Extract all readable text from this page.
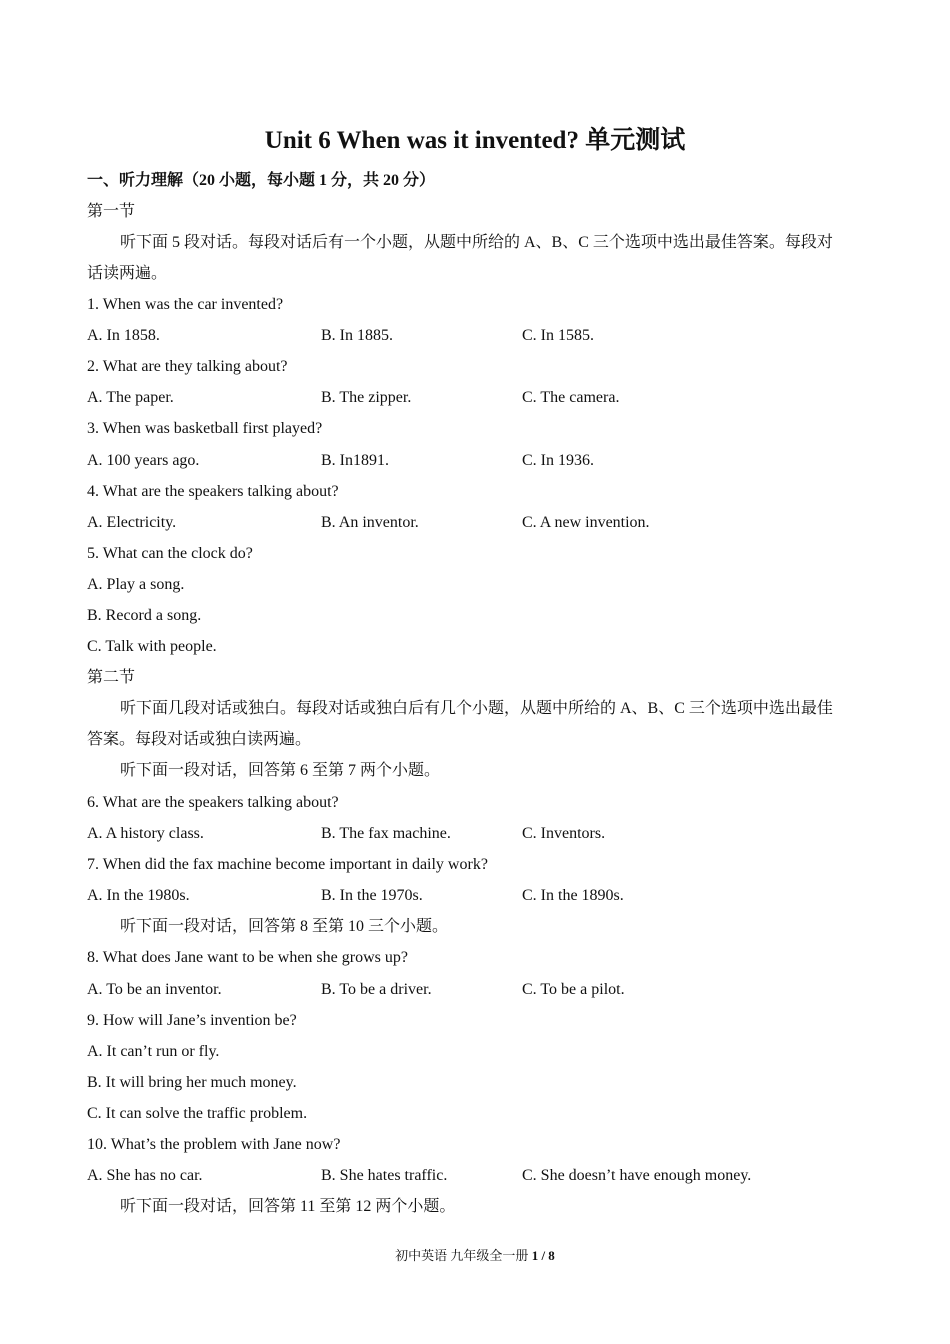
Unit 6 When was it invented? 单元测试
一、听力理解（20 小题，每小题 1 分，共 20 分）
第一节
听下面 5 段对话。每段对话后有一个小题，从题中所给的 A、B、C 三个选项中选出最佳答案。每段对
话读两遍。
1. When was the car invented?
A. In 1858.	B. In 1885.	C. In 1585.
2. What are they talking about?
A. The paper.	B. The zipper.	C. The camera.
3. When was basketball first played?
A. 100 years ago.	B. In1891.	C. In 1936.
4. What are the speakers talking about?
A. Electricity.	B. An inventor.	C. A new invention.
5. What can the clock do?
A. Play a song.
B. Record a song.
C. Talk with people.
第二节
听下面几段对话或独白。每段对话或独白后有几个小题，从题中所给的 A、B、C 三个选项中选出最佳
答案。每段对话或独白读两遍。
听下面一段对话，回答第 6 至第 7 两个小题。
6. What are the speakers talking about?
A. A history class.	B. The fax machine.	C. Inventors.
7. When did the fax machine become important in daily work?
A. In the 1980s.	B. In the 1970s.	C. In the 1890s.
听下面一段对话，回答第 8 至第 10 三个小题。
8. What does Jane want to be when she grows up?
A. To be an inventor.	B. To be a driver.	C. To be a pilot.
9. How will Jane’s invention be?
A. It can’t run or fly.
B. It will bring her much money.
C. It can solve the traffic problem.
10. What’s the problem with Jane now?
A. She has no car.	B. She hates traffic.	C. She doesn’t have enough money.
听下面一段对话，回答第 11 至第 12 两个小题。
初中英语 九年级全一册 1 / 8
